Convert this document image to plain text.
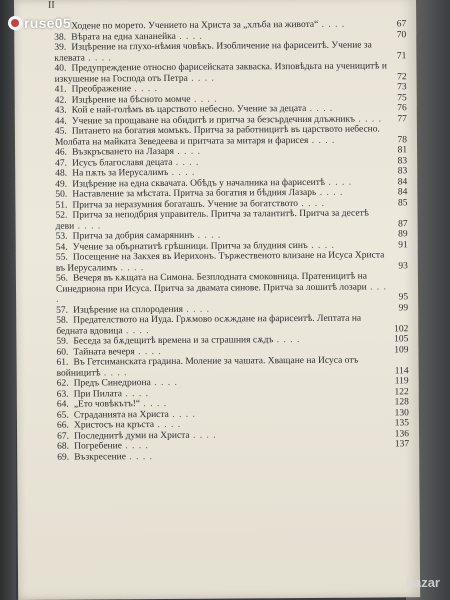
II
Ходене по морето. Учението на Христа за „хлъба на живота“ . . . .	67
38. Вѣрата на една хананейка . . . .	70
39. Изцѣрение на глухо-нѣмия човѣкъ. Изобличение на фарисеитѣ. Учение за клевата . . . .	71
40. Предупреждение относно фарисейската закваска. Изповѣдьта на ученицитѣ и изкушение на Господа отъ Петра . . . .	72
41. Преображение . . . .	73
42. Изцѣрение на бѣсното момче . . . .	75
43. Кой е най-голѣмъ въ царството небесно. Учение за децата . . . .	76
44. Учение за прощаване на обидитѣ и притча за безсърдечния длъжникъ . . . .	77
45. Питането на богатия момъкъ. Притча за работницитѣ въ царството небесно. Молбата на майката Зеведеева и притчата за митаря и фарисея . . . .	78
46. Възкръсването на Лазаря . . . .	81
47. Исусъ благославя децата . . . .	83
48. На пѫть за Иерусалимъ . . . .	83
49. Изцѣрение на една сквачата. Обѣдъ у началника на фарисеитѣ . . . .	84
50. Наставление за мѣстата. Притча за богатия и бѣдния Лазарь . . . .	84
51. Притча за неразумния богаташъ. Учение за богатството . . . .	85
52. Притча за неподбрия управитель. Притча за талантитѣ. Притча за десетѣ деви . . . .	87
53. Притча за добрия самарянинъ . . . .	89
54. Учение за обърнатитѣ грѣшници. Притча за блудния синъ . . . .	91
55. Посещение на Закхея въ Иерихонъ. Тържественото влизане на Исуса Христа въ Иерусалимъ . . . .	93
56. Вечеря въ кѫщата на Симона. Безплодната смоковница. Пратеницитѣ на Синедриона при Исуса. Притча за двамата синове. Притча за лошитѣ лозари . . . .	95
57. Изцѣрение на сплородения . . . .	99
58. Предателството на Иуда. Грѫмово осѫждане на фарисеитѣ. Лептата на бедната вдовица . . . .	102
59. Беседа за бѫдещитѣ времена и за страшния сѫдъ . . . .	105
60. Тайната вечеря . . . .	109
61. Въ Гетсиманската градина. Моление за чашата. Хващане на Исуса отъ войницитѣ . . . .	114
62. Предъ Синедриона . . . .	119
63. При Пилата . . . .	122
64. „Ето човѣкътъ!“ . . . .	128
65. Страданията на Христа . . . .	130
66. Христосъ на кръста . . . .	135
67. Последнитѣ думи на Христа . . . .	136
68. Погребение . . . .	137
69. Възкресение . . . .
ruse05
bazar
